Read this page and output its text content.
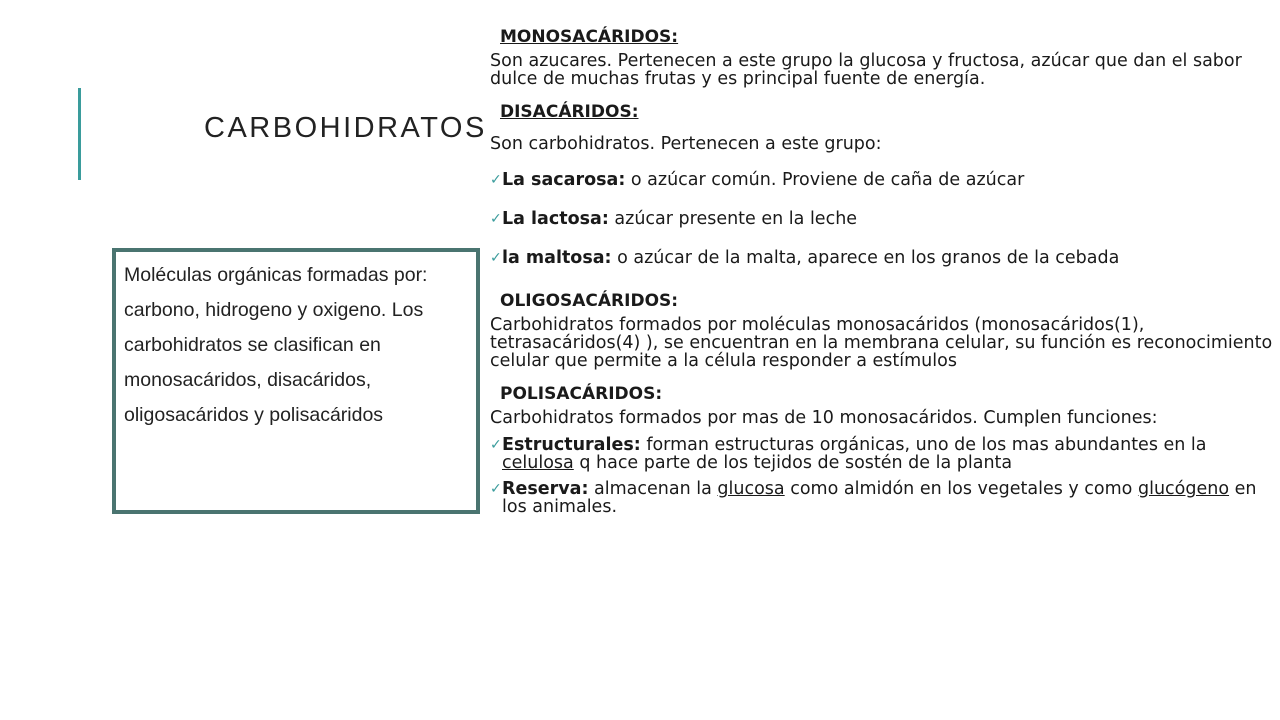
CARBOHIDRATOS

Moléculas orgánicas formadas por: carbono, hidrogeno y oxigeno. Los carbohidratos se clasifican en monosacáridos, disacáridos, oligosacáridos y polisacáridos

MONOSACÁRIDOS:

Son azucares. Pertenecen a este grupo la glucosa y fructosa, azúcar que dan el sabor dulce de muchas frutas y es principal fuente de energía.

DISACÁRIDOS:

Son carbohidratos. Pertenecen a este grupo:

✓ La sacarosa: o azúcar común. Proviene de caña de azúcar

✓ La lactosa: azúcar presente en la leche

✓ la maltosa: o azúcar de la malta, aparece en los granos de la cebada

OLIGOSACÁRIDOS:

Carbohidratos formados por moléculas monosacáridos (monosacáridos(1), tetrasacáridos(4) ), se encuentran en la membrana celular, su función es reconocimiento celular que permite a la célula responder a estímulos

POLISACÁRIDOS:

Carbohidratos formados por mas de 10 monosacáridos. Cumplen funciones:

✓ Estructurales: forman estructuras orgánicas, uno de los mas abundantes en la celulosa q hace parte de los tejidos de sostén de la planta

✓ Reserva: almacenan la glucosa como almidón en los vegetales y como glucógeno en los animales.
